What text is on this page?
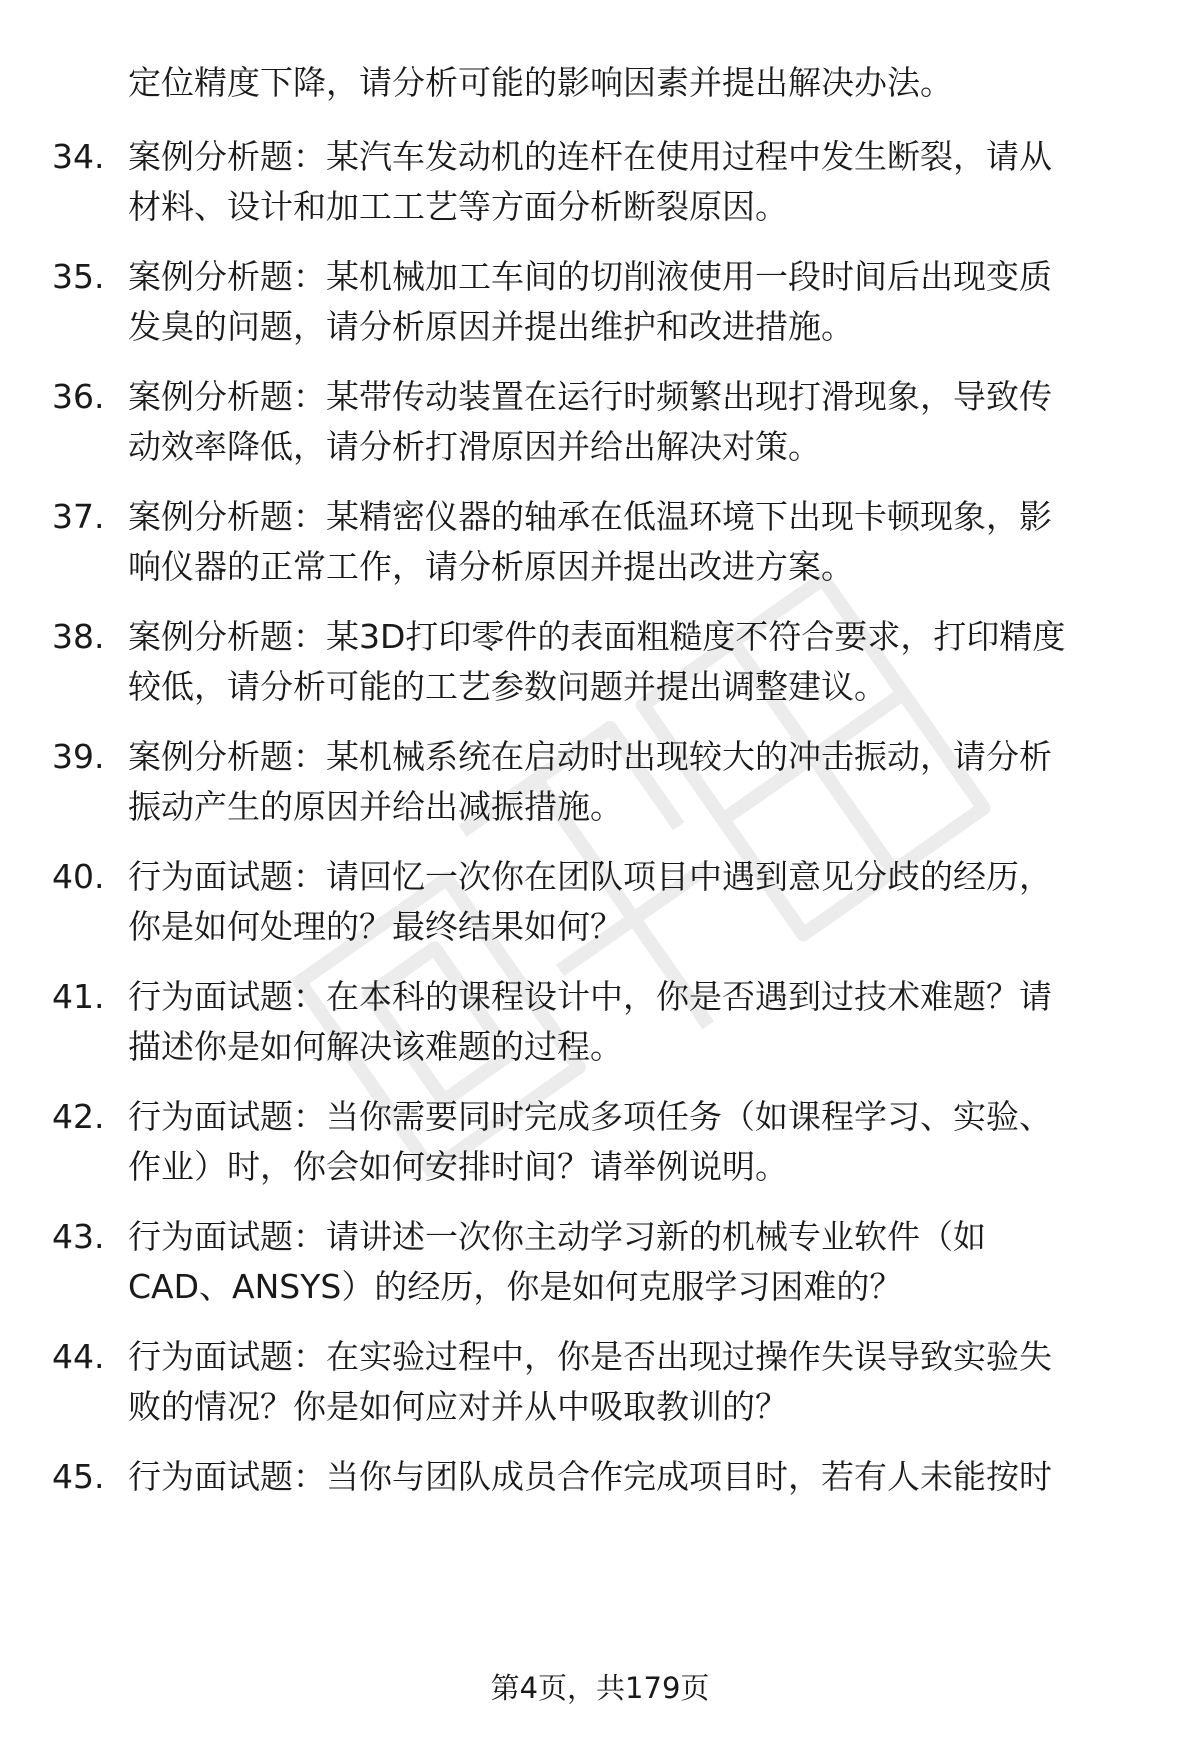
定位精度下降，请分析可能的影响因素并提出解决办法。
34. 案例分析题：某汽车发动机的连杆在使用过程中发生断裂，请从
材料、设计和加工工艺等方面分析断裂原因。
35. 案例分析题：某机械加工车间的切削液使用一段时间后出现变质
发臭的问题，请分析原因并提出维护和改进措施。
36. 案例分析题：某带传动装置在运行时频繁出现打滑现象，导致传
动效率降低，请分析打滑原因并给出解决对策。
37. 案例分析题：某精密仪器的轴承在低温环境下出现卡顿现象，影
响仪器的正常工作，请分析原因并提出改进方案。
38. 案例分析题：某3D打印零件的表面粗糙度不符合要求，打印精度
较低，请分析可能的工艺参数问题并提出调整建议。
39. 案例分析题：某机械系统在启动时出现较大的冲击振动，请分析
振动产生的原因并给出减振措施。
40. 行为面试题：请回忆一次你在团队项目中遇到意见分歧的经历，
你是如何处理的？最终结果如何？
41. 行为面试题：在本科的课程设计中，你是否遇到过技术难题？请
描述你是如何解决该难题的过程。
42. 行为面试题：当你需要同时完成多项任务（如课程学习、实验、
作业）时，你会如何安排时间？请举例说明。
43. 行为面试题：请讲述一次你主动学习新的机械专业软件（如
CAD、ANSYS）的经历，你是如何克服学习困难的？
44. 行为面试题：在实验过程中，你是否出现过操作失误导致实验失
败的情况？你是如何应对并从中吸取教训的？
45. 行为面试题：当你与团队成员合作完成项目时，若有人未能按时
第4页，共179页
